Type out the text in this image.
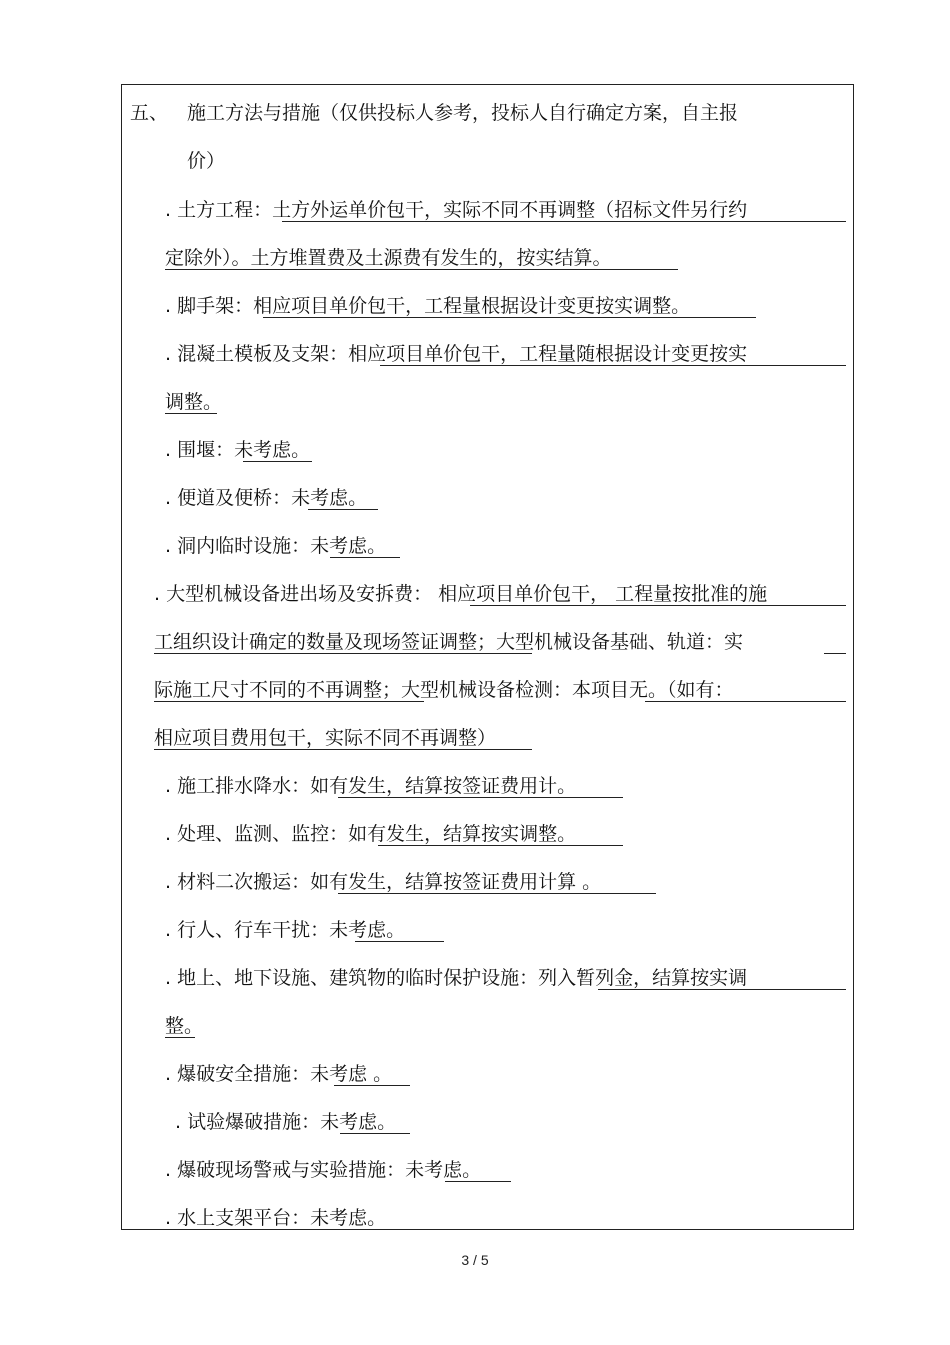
五、 施工方法与措施（仅供投标人参考，投标人自行确定方案，自主报
价）
. 土方工程：土方外运单价包干，实际不同不再调整（招标文件另行约
定除外）。土方堆置费及土源费有发生的，按实结算。
. 脚手架：相应项目单价包干，工程量根据设计变更按实调整。
. 混凝土模板及支架：相应项目单价包干，工程量随根据设计变更按实
调整。
. 围堰：未考虑。
. 便道及便桥：未考虑。
. 洞内临时设施：未考虑。
. 大型机械设备进出场及安拆费： 相应项目单价包干， 工程量按批准的施
工组织设计确定的数量及现场签证调整；大型机械设备基础、轨道：实
际施工尺寸不同的不再调整；大型机械设备检测：本项目无。（如有：
相应项目费用包干，实际不同不再调整）
. 施工排水降水：如有发生，结算按签证费用计。
. 处理、监测、监控：如有发生，结算按实调整。
. 材料二次搬运：如有发生，结算按签证费用计算 。
. 行人、行车干扰：未考虑。
. 地上、地下设施、建筑物的临时保护设施：列入暂列金，结算按实调
整。
. 爆破安全措施：未考虑 。
. 试验爆破措施：未考虑。
. 爆破现场警戒与实验措施：未考虑。
. 水上支架平台：未考虑。
3 / 5
